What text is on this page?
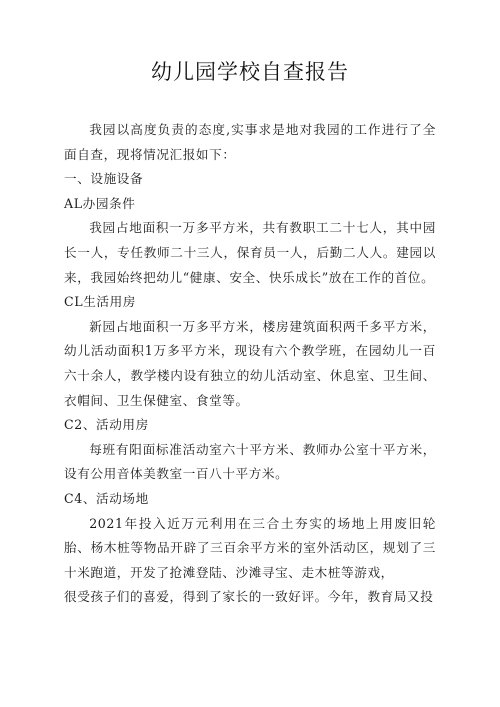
幼儿园学校自查报告

我园以高度负责的态度,实事求是地对我园的工作进行了全面自查，现将情况汇报如下：

一、设施设备

AL办园条件

我园占地面积一万多平方米，共有教职工二十七人，其中园长一人，专任教师二十三人，保育员一人，后勤二人人。建园以来，我园始终把幼儿“健康、安全、快乐成长”放在工作的首位。

CL生活用房

新园占地面积一万多平方米，楼房建筑面积两千多平方米，幼儿活动面积1万多平方米，现设有六个教学班，在园幼儿一百六十余人，教学楼内设有独立的幼儿活动室、休息室、卫生间、衣帽间、卫生保健室、食堂等。

C2、活动用房

每班有阳面标准活动室六十平方米、教师办公室十平方米，设有公用音体美教室一百八十平方米。

C4、活动场地

2021年投入近万元利用在三合土夯实的场地上用废旧轮胎、杨木桩等物品开辟了三百余平方米的室外活动区，规划了三十米跑道，开发了抢滩登陆、沙滩寻宝、走木桩等游戏，

很受孩子们的喜爱，得到了家长的一致好评。今年，教育局又投
